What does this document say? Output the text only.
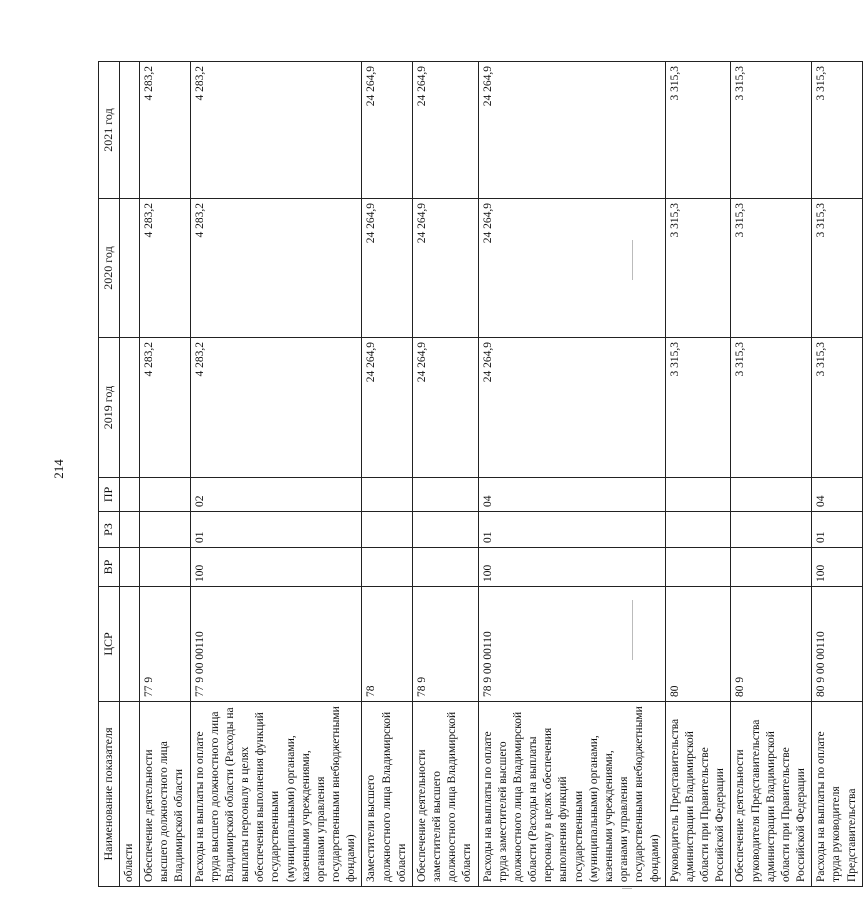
214
Наименование показателя	ЦСР	ВР	РЗ	ПР	2019 год	2020 год	2021 год
области							
Обеспечение деятельности высшего должностного лица Владимирской области	77 9				4 283,2	4 283,2	4 283,2
Расходы на выплаты по оплате труда высшего должностного лица Владимирской области (Расходы на выплаты персоналу в целях обеспечения выполнения функций государственными (муниципальными) органами, казенными учреждениями, органами управления государственными внебюджетными фондами)	77 9 00 00110	100	01	02	4 283,2	4 283,2	4 283,2
Заместители высшего должностного лица Владимирской области	78				24 264,9	24 264,9	24 264,9
Обеспечение деятельности заместителей высшего должностного лица Владимирской области	78 9				24 264,9	24 264,9	24 264,9
Расходы на выплаты по оплате труда заместителей высшего должностного лица Владимирской области (Расходы на выплаты персоналу в целях обеспечения выполнения функций государственными (муниципальными) органами, казенными учреждениями, органами управления государственными внебюджетными фондами)	78 9 00 00110	100	01	04	24 264,9	24 264,9	24 264,9
Руководитель Представительства администрации Владимирской области при Правительстве Российской Федерации	80				3 315,3	3 315,3	3 315,3
Обеспечение деятельности руководителя Представительства администрации Владимирской области при Правительстве Российской Федерации	80 9				3 315,3	3 315,3	3 315,3
Расходы на выплаты по оплате труда руководителя Представительства	80 9 00 00110	100	01	04	3 315,3	3 315,3	3 315,3
